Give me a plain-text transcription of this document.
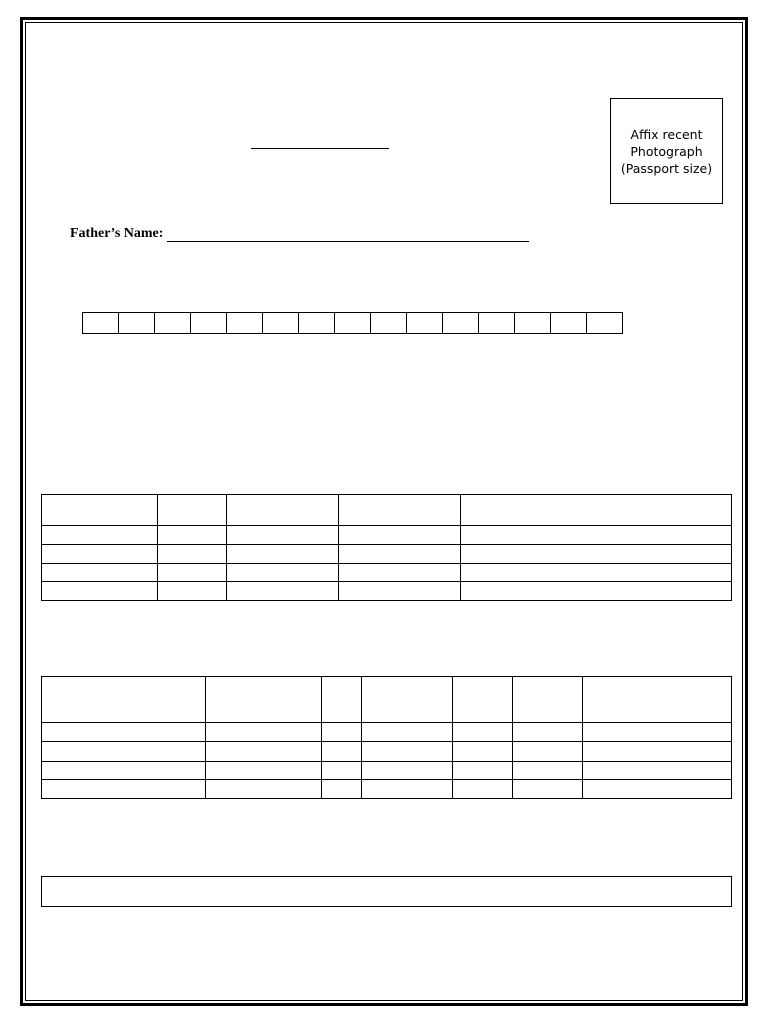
Affix recent
Photograph
(Passport size)
Father’s Name:
